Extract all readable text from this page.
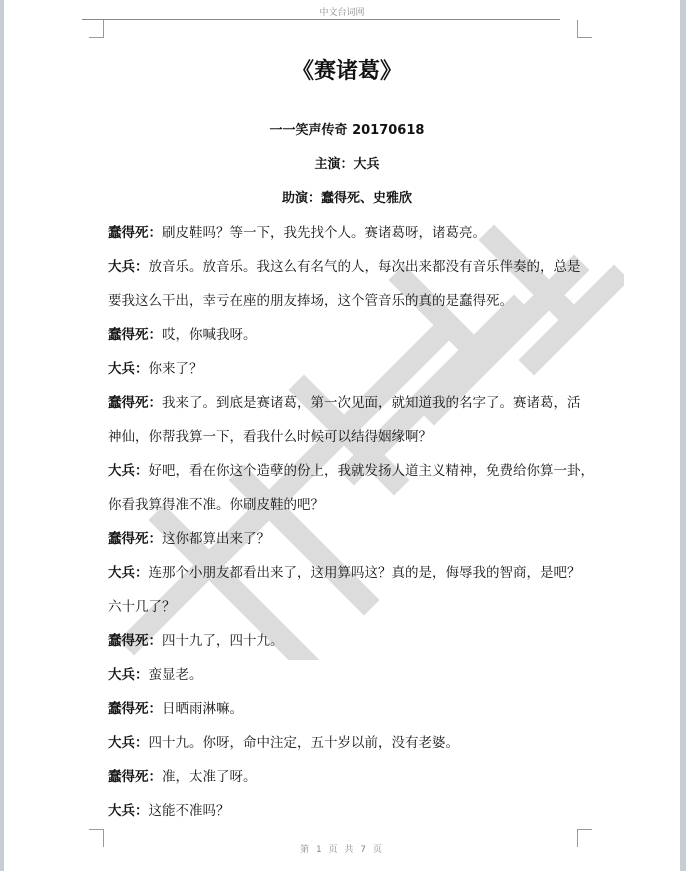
中文台词网
《赛诸葛》
一一笑声传奇 20170618
主演：大兵
助演：蠢得死、史雅欣
蠢得死：刷皮鞋吗？等一下，我先找个人。赛诸葛呀，诸葛亮。
大兵：放音乐。放音乐。我这么有名气的人，每次出来都没有音乐伴奏的，总是
要我这么干出，幸亏在座的朋友捧场，这个管音乐的真的是蠢得死。
蠢得死：哎，你喊我呀。
大兵：你来了？
蠢得死：我来了。到底是赛诸葛，第一次见面，就知道我的名字了。赛诸葛，活
神仙，你帮我算一下，看我什么时候可以结得姻缘啊？
大兵：好吧，看在你这个造孽的份上，我就发扬人道主义精神，免费给你算一卦，
你看我算得准不准。你刷皮鞋的吧？
蠢得死：这你都算出来了？
大兵：连那个小朋友都看出来了，这用算吗这？真的是，侮辱我的智商，是吧？
六十几了？
蠢得死：四十九了，四十九。
大兵：蛮显老。
蠢得死：日晒雨淋嘛。
大兵：四十九。你呀，命中注定，五十岁以前，没有老婆。
蠢得死：准，太准了呀。
大兵：这能不准吗？
第 1 页 共 7 页
